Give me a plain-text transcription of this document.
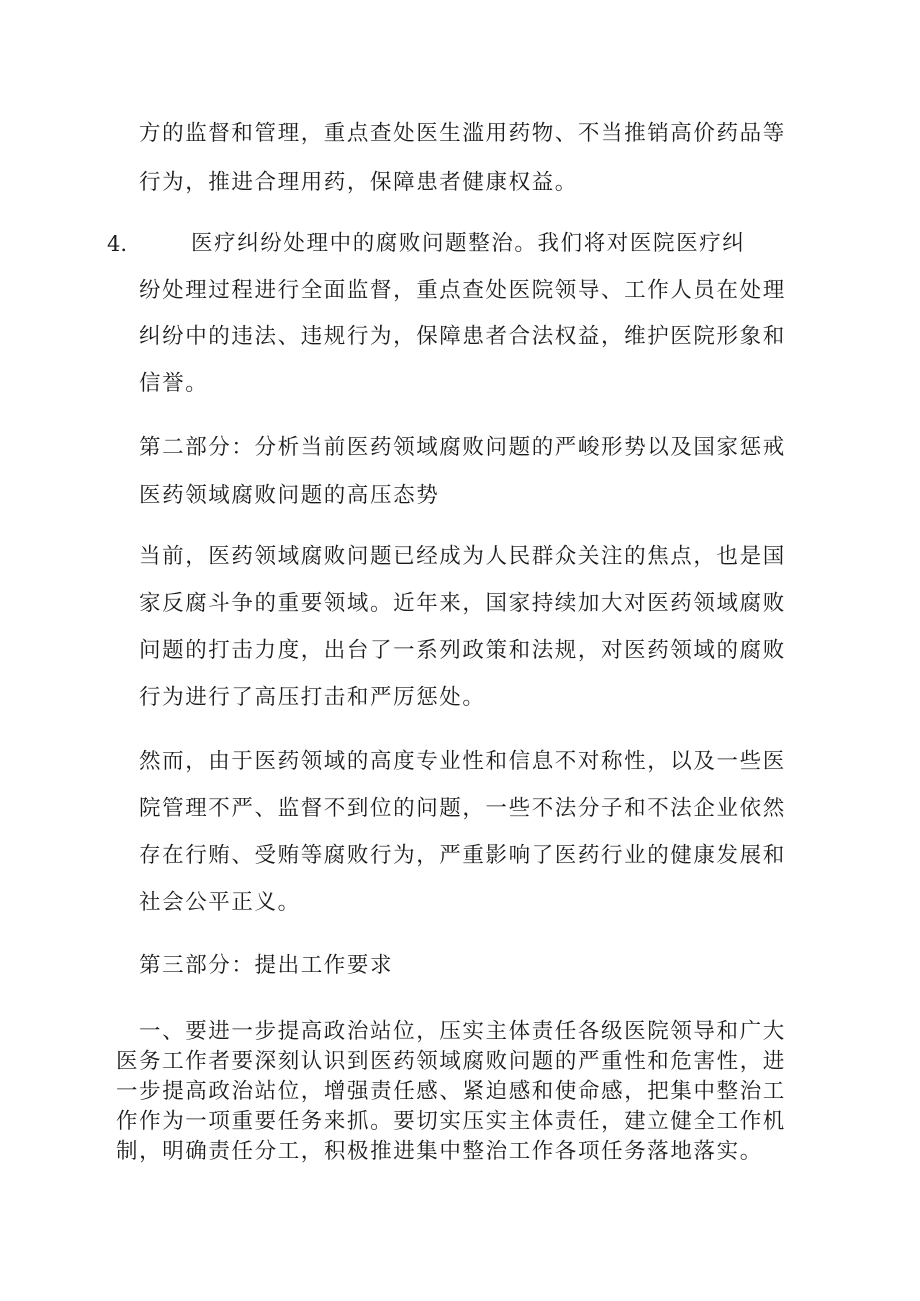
方的监督和管理，重点查处医生滥用药物、不当推销高价药品等
行为，推进合理用药，保障患者健康权益。
4.	医疗纠纷处理中的腐败问题整治。我们将对医院医疗纠
纷处理过程进行全面监督，重点查处医院领导、工作人员在处理
纠纷中的违法、违规行为，保障患者合法权益，维护医院形象和
信誉。
第二部分：分析当前医药领域腐败问题的严峻形势以及国家惩戒
医药领域腐败问题的高压态势
当前，医药领域腐败问题已经成为人民群众关注的焦点，也是国
家反腐斗争的重要领域。近年来，国家持续加大对医药领域腐败
问题的打击力度，出台了一系列政策和法规，对医药领域的腐败
行为进行了高压打击和严厉惩处。
然而，由于医药领域的高度专业性和信息不对称性，以及一些医
院管理不严、监督不到位的问题，一些不法分子和不法企业依然
存在行贿、受贿等腐败行为，严重影响了医药行业的健康发展和
社会公平正义。
第三部分：提出工作要求
一、要进一步提高政治站位，压实主体责任各级医院领导和广大
医务工作者要深刻认识到医药领域腐败问题的严重性和危害性，进
一步提高政治站位，增强责任感、紧迫感和使命感，把集中整治工
作作为一项重要任务来抓。要切实压实主体责任，建立健全工作机
制，明确责任分工，积极推进集中整治工作各项任务落地落实。
